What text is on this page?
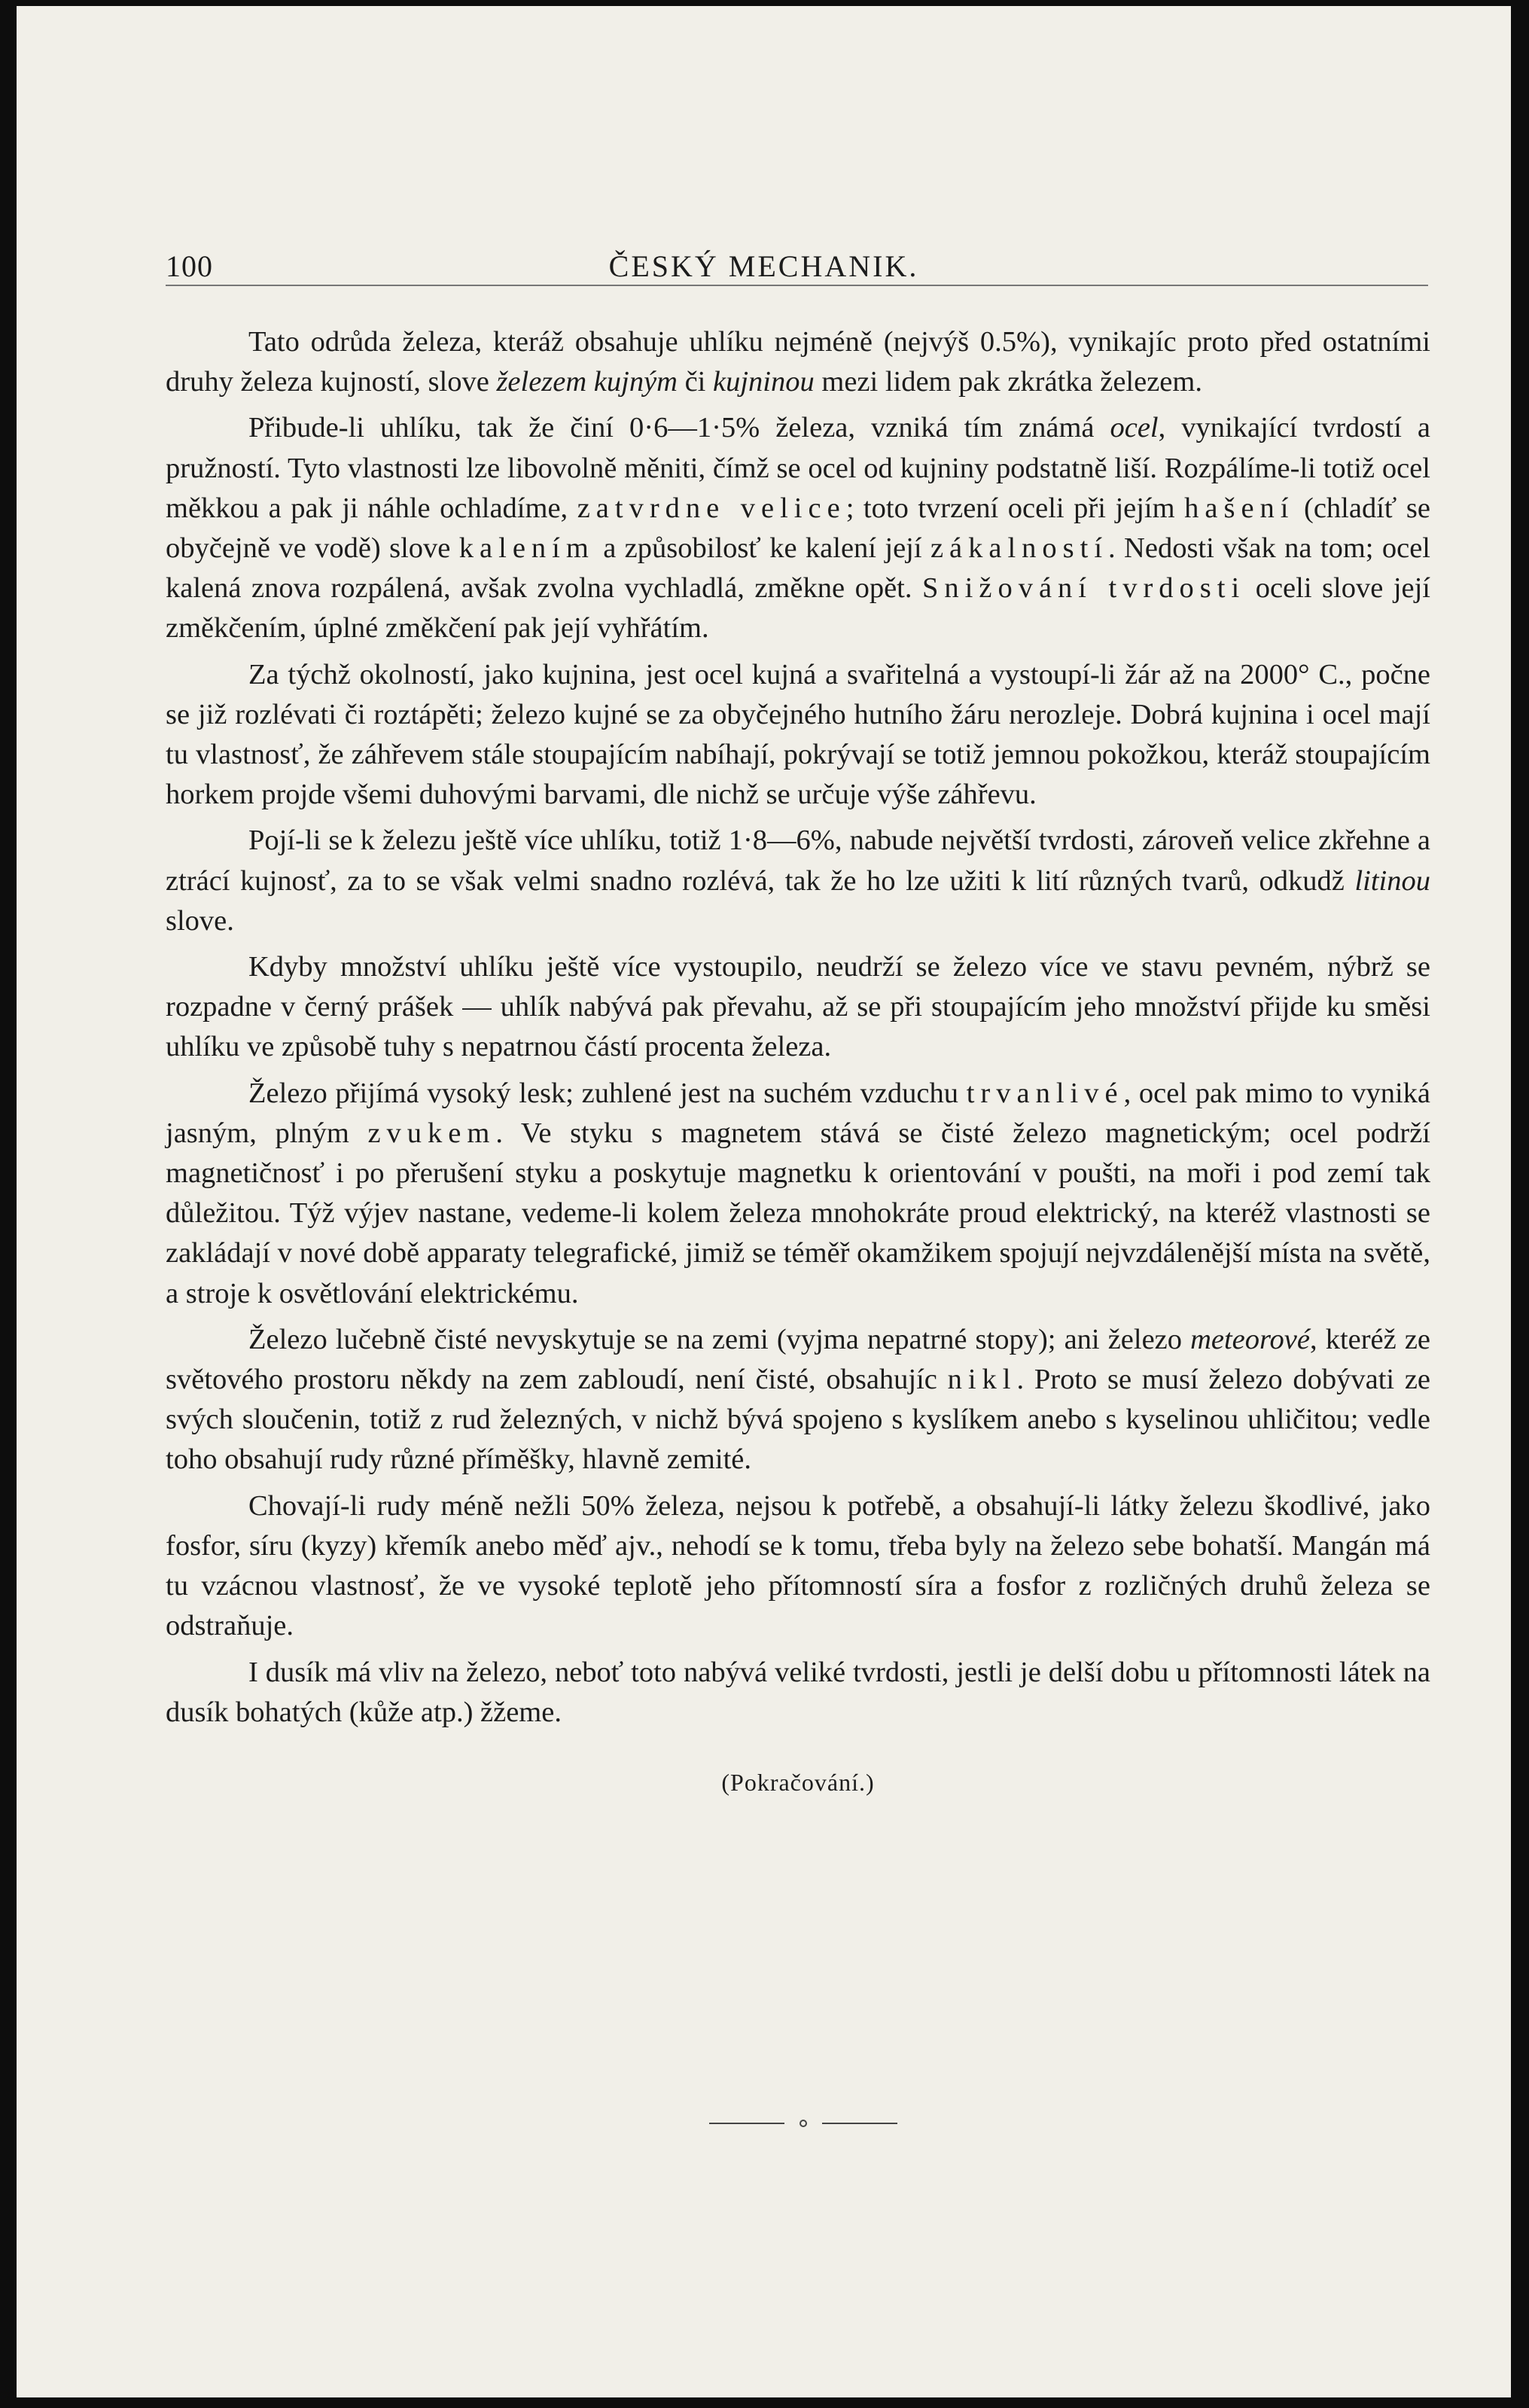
100	ČESKÝ MECHANIK.

Tato odrůda železa, kteráž obsahuje uhlíku nejméně (nejvýš 0.5%), vynikajíc proto před ostatními druhy železa kujností, slove železem kujným či kujninou mezi lidem pak zkrátka železem.

Přibude-li uhlíku, tak že činí 0·6—1·5% železa, vzniká tím známá ocel, vynikající tvrdostí a pružností. Tyto vlastnosti lze libovolně měniti, čímž se ocel od kujniny podstatně liší. Rozpálíme-li totiž ocel měkkou a pak ji náhle ochladíme, zatvrdne velice; toto tvrzení oceli při jejím hašení (chladíť se obyčejně ve vodě) slove kalením a způsobilosť ke kalení její zákalností. Nedosti však na tom; ocel kalená znova rozpálená, avšak zvolna vychladlá, změkne opět. Snižování tvrdosti oceli slove její změkčením, úplné změkčení pak její vyhřátím.

Za týchž okolností, jako kujnina, jest ocel kujná a svařitelná a vystoupí-li žár až na 2000° C., počne se již rozlévati či roztápěti; železo kujné se za obyčejného hutního žáru nerozleje. Dobrá kujnina i ocel mají tu vlastnosť, že záhřevem stále stoupajícím nabíhají, pokrývají se totiž jemnou pokožkou, kteráž stoupajícím horkem projde všemi duhovými barvami, dle nichž se určuje výše záhřevu.

Pojí-li se k železu ještě více uhlíku, totiž 1·8—6%, nabude největší tvrdosti, zároveň velice zkřehne a ztrácí kujnosť, za to se však velmi snadno rozlévá, tak že ho lze užiti k lití různých tvarů, odkudž litinou slove.

Kdyby množství uhlíku ještě více vystoupilo, neudrží se železo více ve stavu pevném, nýbrž se rozpadne v černý prášek — uhlík nabývá pak převahu, až se při stoupajícím jeho množství přijde ku směsi uhlíku ve způsobě tuhy s nepatrnou částí procenta železa.

Železo přijímá vysoký lesk; zuhlené jest na suchém vzduchu trvanlivé, ocel pak mimo to vyniká jasným, plným zvukem. Ve styku s magnetem stává se čisté železo magnetickým; ocel podrží magnetičnosť i po přerušení styku a poskytuje magnetku k orientování v poušti, na moři i pod zemí tak důležitou. Týž výjev nastane, vedeme-li kolem železa mnohokráte proud elektrický, na kteréž vlastnosti se zakládají v nové době apparaty telegrafické, jimiž se téměř okamžikem spojují nejvzdálenější místa na světě, a stroje k osvětlování elektrickému.

Železo lučebně čisté nevyskytuje se na zemi (vyjma nepatrné stopy); ani železo meteorové, kteréž ze světového prostoru někdy na zem zabloudí, není čisté, obsahujíc nikl. Proto se musí železo dobývati ze svých sloučenin, totiž z rud železných, v nichž bývá spojeno s kyslíkem anebo s kyselinou uhličitou; vedle toho obsahují rudy různé příměšky, hlavně zemité.

Chovají-li rudy méně nežli 50% železa, nejsou k potřebě, a obsahují-li látky železu škodlivé, jako fosfor, síru (kyzy) křemík anebo měď ajv., nehodí se k tomu, třeba byly na železo sebe bohatší. Mangán má tu vzácnou vlastnosť, že ve vysoké teplotě jeho přítomností síra a fosfor z rozličných druhů železa se odstraňuje.

I dusík má vliv na železo, neboť toto nabývá veliké tvrdosti, jestli je delší dobu u přítomnosti látek na dusík bohatých (kůže atp.) žžeme.

(Pokračování.)
